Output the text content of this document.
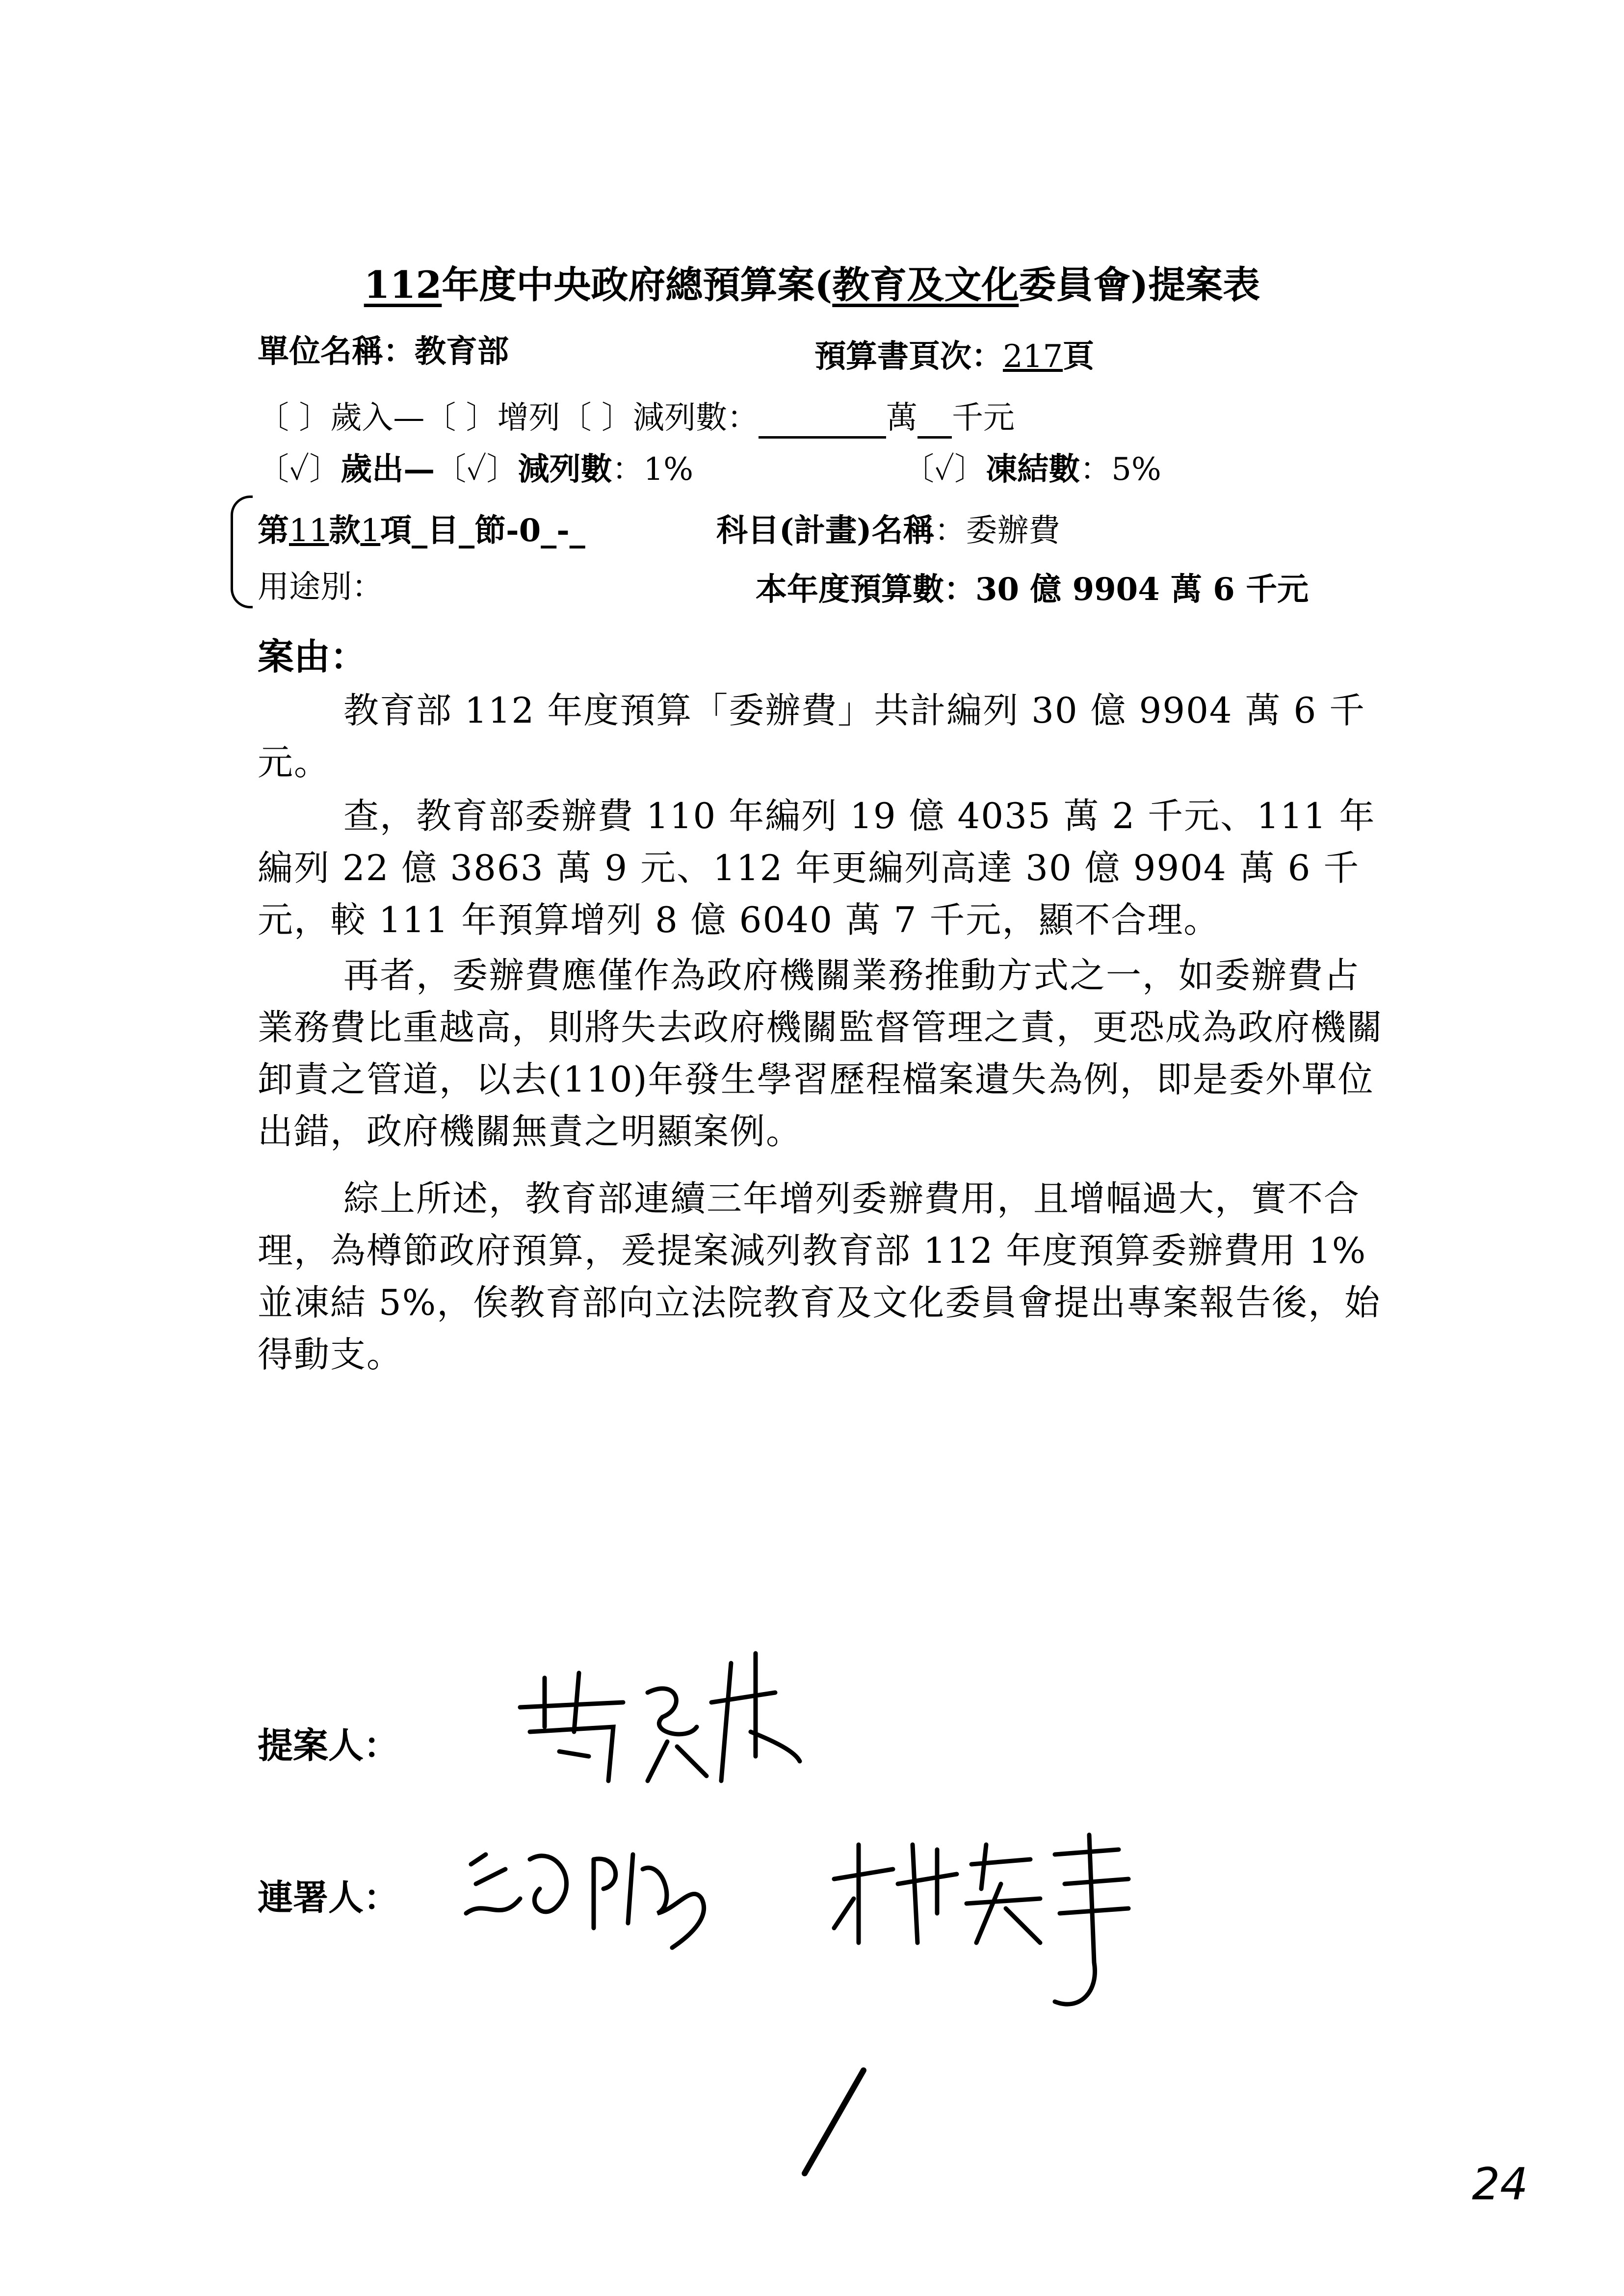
112年度中央政府總預算案(教育及文化委員會)提案表
單位名稱：教育部	預算書頁次：217頁
〔 〕歲入—〔 〕增列〔 〕減列數：	萬 千元
〔✓〕歲出—〔✓〕減列數：1%	〔✓〕凍結數：5%
第11款1項_目_節-0_-_	科目(計畫)名稱：委辦費
用途別：	本年度預算數：30 億 9904 萬 6 千元
案由：
教育部 112 年度預算「委辦費」共計編列 30 億 9904 萬 6 千元。
查，教育部委辦費 110 年編列 19 億 4035 萬 2 千元、111 年編列 22 億 3863 萬 9 元、112 年更編列高達 30 億 9904 萬 6 千元，較 111 年預算增列 8 億 6040 萬 7 千元，顯不合理。
再者，委辦費應僅作為政府機關業務推動方式之一，如委辦費占業務費比重越高，則將失去政府機關監督管理之責，更恐成為政府機關卸責之管道，以去(110)年發生學習歷程檔案遺失為例，即是委外單位出錯，政府機關無責之明顯案例。
綜上所述，教育部連續三年增列委辦費用，且增幅過大，實不合理，為樽節政府預算，爰提案減列教育部 112 年度預算委辦費用 1%並凍結 5%，俟教育部向立法院教育及文化委員會提出專案報告後，始得動支。
提案人：
連署人：
24
